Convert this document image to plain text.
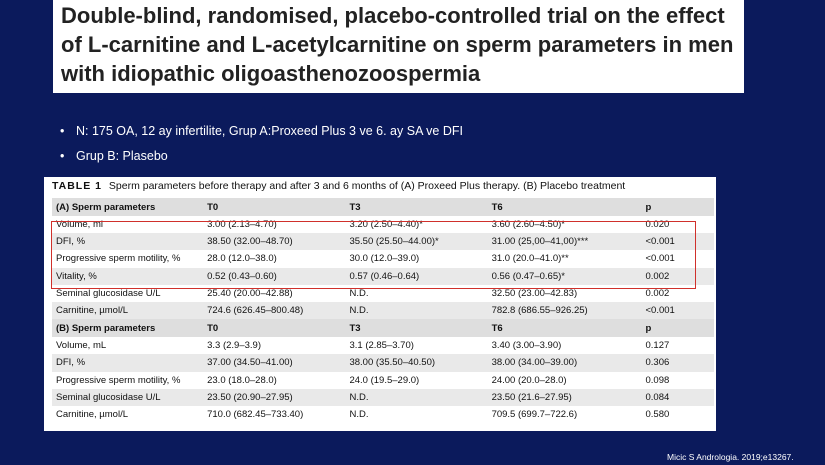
Double-blind, randomised, placebo-controlled trial on the effect of L-carnitine and L-acetylcarnitine on sperm parameters in men with idiopathic oligoasthenozoospermia
• N: 175 OA, 12 ay infertilite, Grup A:Proxeed Plus 3 ve 6. ay SA ve DFI
• Grup B: Plasebo
TABLE 1 Sperm parameters before therapy and after 3 and 6 months of (A) Proxeed Plus therapy. (B) Placebo treatment
(A) Sperm parameters	T0	T3	T6	p
Volume, ml	3.00 (2.13–4.70)	3.20 (2.50–4.40)*	3.60 (2.60–4.50)*	0.020
DFI, %	38.50 (32.00–48.70)	35.50 (25.50–44.00)*	31.00 (25,00–41,00)***	<0.001
Progressive sperm motility, %	28.0 (12.0–38.0)	30.0 (12.0–39.0)	31.0 (20.0–41.0)**	<0.001
Vitality, %	0.52 (0.43–0.60)	0.57 (0.46–0.64)	0.56 (0.47–0.65)*	0.002
Seminal glucosidase U/L	25.40 (20.00–42.88)	N.D.	32.50 (23.00–42.83)	0.002
Carnitine, µmol/L	724.6 (626.45–800.48)	N.D.	782.8 (686.55–926.25)	<0.001
(B) Sperm parameters	T0	T3	T6	p
Volume, mL	3.3 (2.9–3.9)	3.1 (2.85–3.70)	3.40 (3.00–3.90)	0.127
DFI, %	37.00 (34.50–41.00)	38.00 (35.50–40.50)	38.00 (34.00–39.00)	0.306
Progressive sperm motility, %	23.0 (18.0–28.0)	24.0 (19.5–29.0)	24.00 (20.0–28.0)	0.098
Seminal glucosidase U/L	23.50 (20.90–27.95)	N.D.	23.50 (21.6–27.95)	0.084
Carnitine, µmol/L	710.0 (682.45–733.40)	N.D.	709.5 (699.7–722.6)	0.580
Micic S Andrologia. 2019;e13267.
